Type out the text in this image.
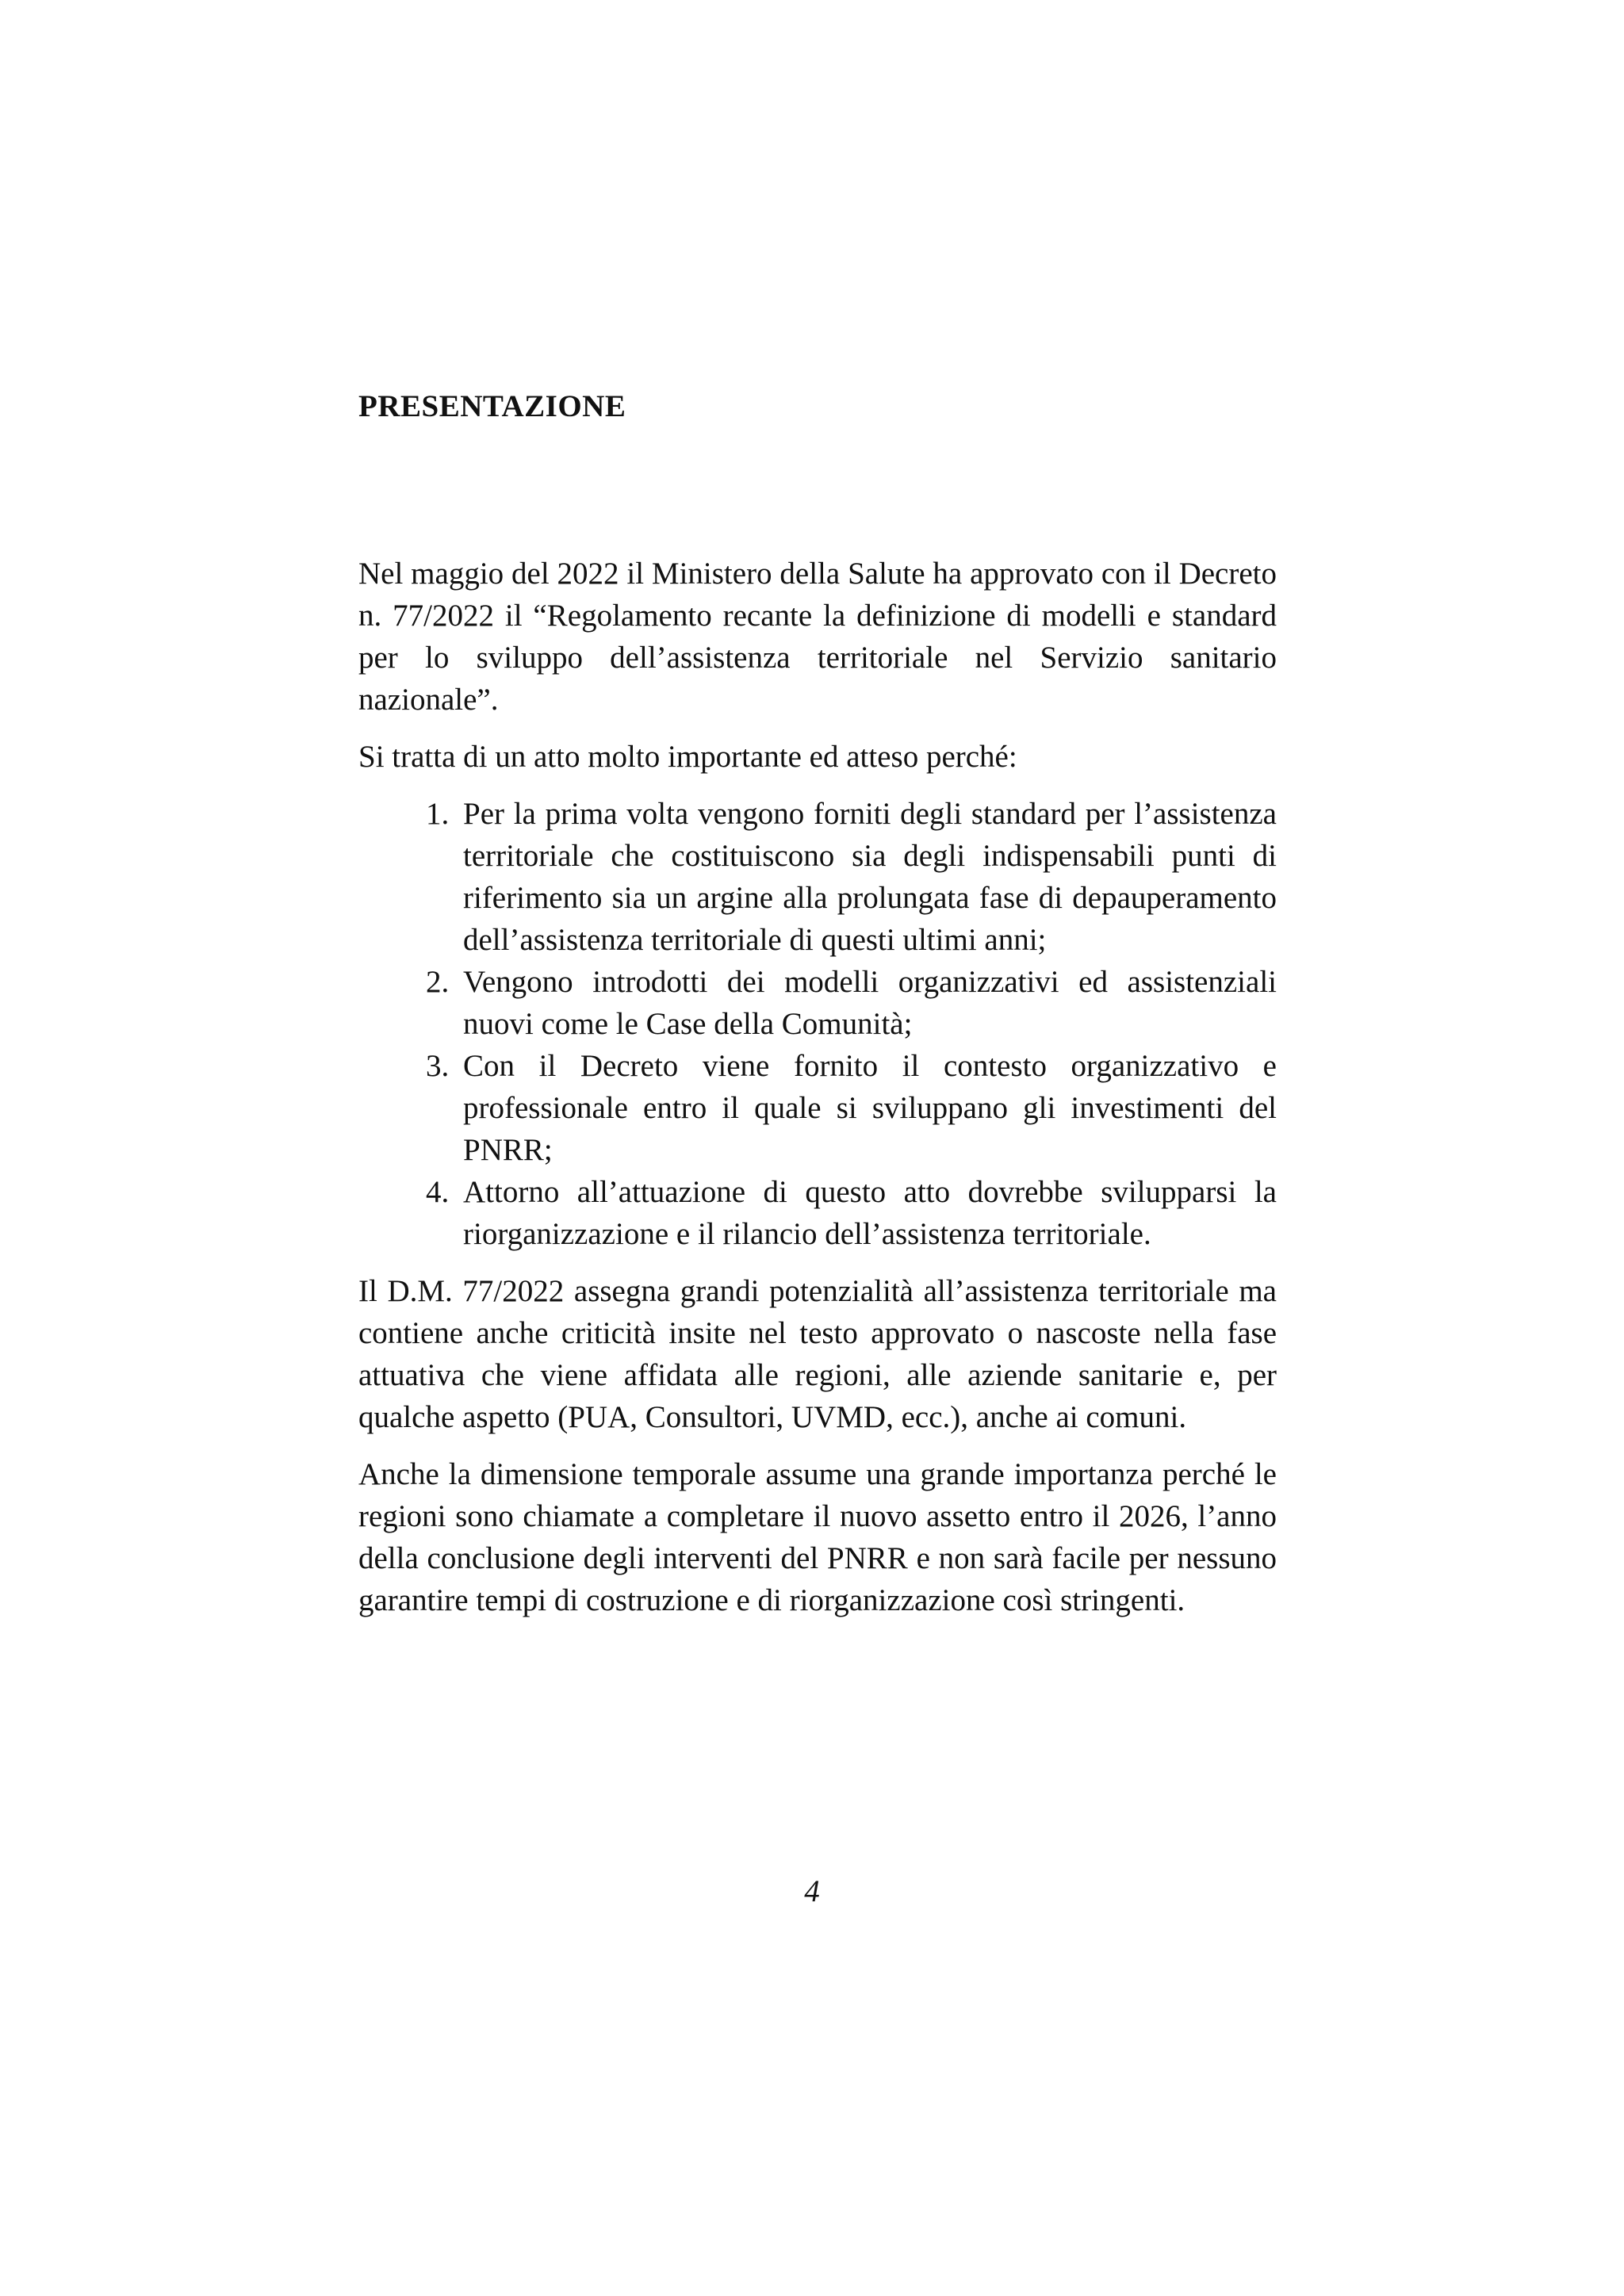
PRESENTAZIONE

Nel maggio del 2022 il Ministero della Salute ha approvato con il Decreto n. 77/2022 il “Regolamento recante la definizione di modelli e standard per lo sviluppo dell’assistenza territoriale nel Servizio sanitario nazionale”.

Si tratta di un atto molto importante ed atteso perché:

1. Per la prima volta vengono forniti degli standard per l’assistenza territoriale che costituiscono sia degli indispensabili punti di riferimento sia un argine alla prolungata fase di depauperamento dell’assistenza territoriale di questi ultimi anni;
2. Vengono introdotti dei modelli organizzativi ed assistenziali nuovi come le Case della Comunità;
3. Con il Decreto viene fornito il contesto organizzativo e professionale entro il quale si sviluppano gli investimenti del PNRR;
4. Attorno all’attuazione di questo atto dovrebbe svilupparsi la riorganizzazione e il rilancio dell’assistenza territoriale.

Il D.M. 77/2022 assegna grandi potenzialità all’assistenza territoriale ma contiene anche criticità insite nel testo approvato o nascoste nella fase attuativa che viene affidata alle regioni, alle aziende sanitarie e, per qualche aspetto (PUA, Consultori, UVMD, ecc.), anche ai comuni.

Anche la dimensione temporale assume una grande importanza perché le regioni sono chiamate a completare il nuovo assetto entro il 2026, l’anno della conclusione degli interventi del PNRR e non sarà facile per nessuno garantire tempi di costruzione e di riorganizzazione così stringenti.

4
